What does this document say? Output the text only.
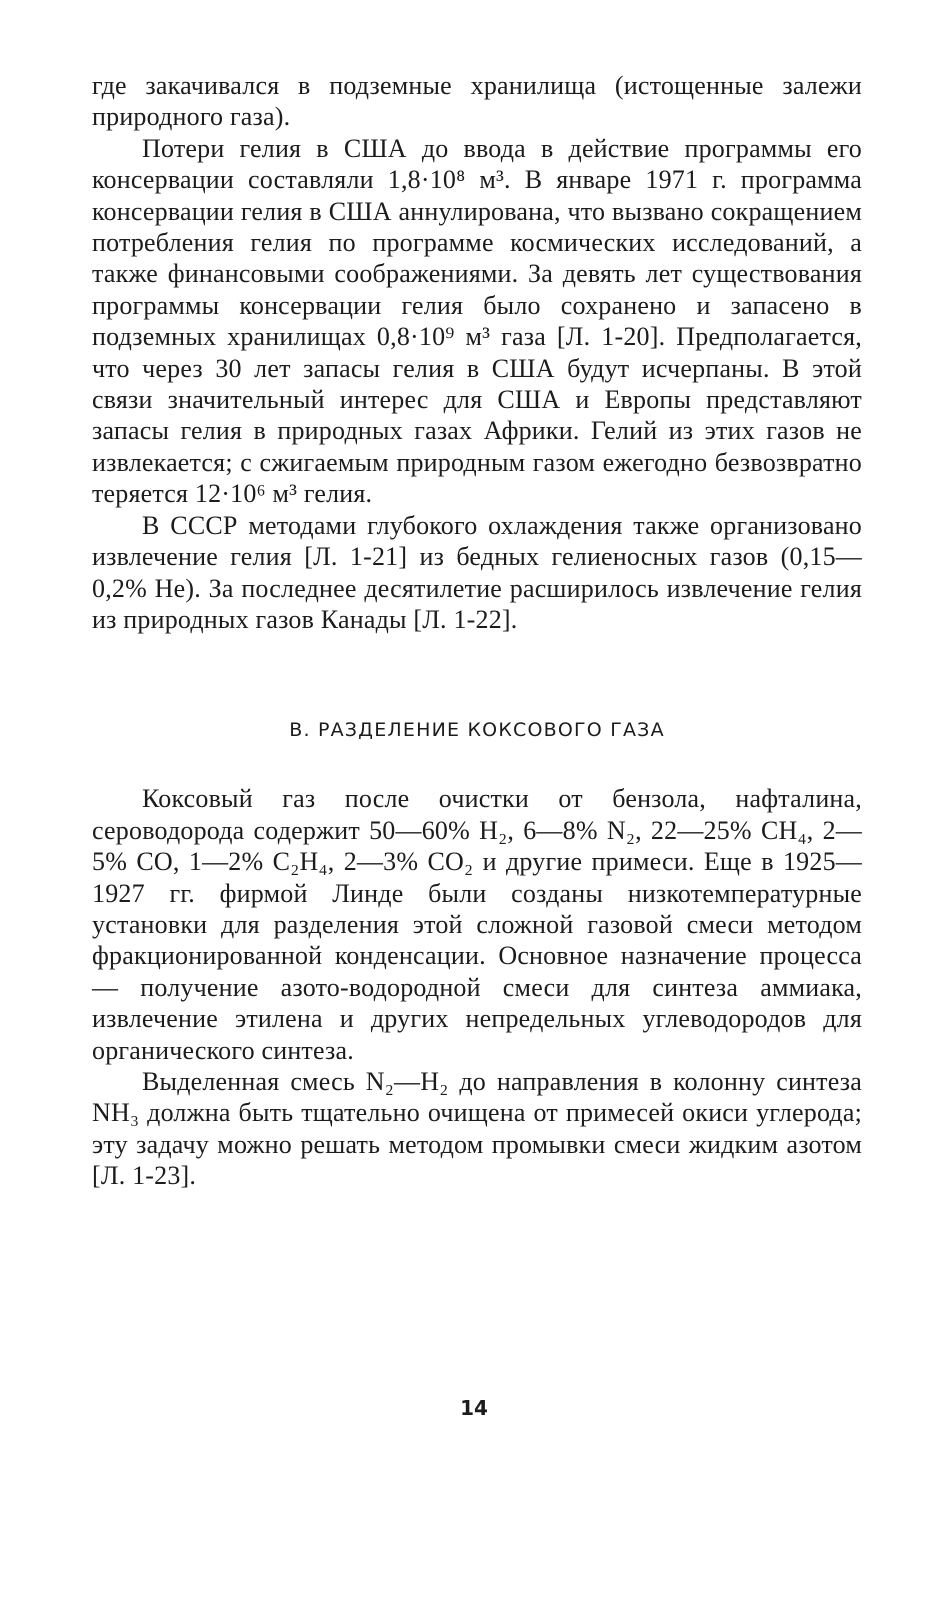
где закачивался в подземные хранилища (истощенные залежи природного газа).

Потери гелия в США до ввода в действие программы его консервации составляли 1,8·10⁸ м³. В январе 1971 г. программа консервации гелия в США аннулирована, что вызвано сокращением потребления гелия по программе космических исследований, а также финансовыми соображениями. За девять лет существования программы консервации гелия было сохранено и запасено в подземных хранилищах 0,8·10⁹ м³ газа [Л. 1-20]. Предполагается, что через 30 лет запасы гелия в США будут исчерпаны. В этой связи значительный интерес для США и Европы представляют запасы гелия в природных газах Африки. Гелий из этих газов не извлекается; с сжигаемым природным газом ежегодно безвозвратно теряется 12·10⁶ м³ гелия.

В СССР методами глубокого охлаждения также организовано извлечение гелия [Л. 1-21] из бедных гелиеносных газов (0,15—0,2% He). За последнее десятилетие расширилось извлечение гелия из природных газов Канады [Л. 1-22].

В. РАЗДЕЛЕНИЕ КОКСОВОГО ГАЗА

Коксовый газ после очистки от бензола, нафталина, сероводорода содержит 50—60% H₂, 6—8% N₂, 22—25% CH₄, 2—5% CO, 1—2% C₂H₄, 2—3% CO₂ и другие примеси. Еще в 1925—1927 гг. фирмой Линде были созданы низкотемпературные установки для разделения этой сложной газовой смеси методом фракционированной конденсации. Основное назначение процесса — получение азото-водородной смеси для синтеза аммиака, извлечение этилена и других непредельных углеводородов для органического синтеза.

Выделенная смесь N₂—H₂ до направления в колонну синтеза NH₃ должна быть тщательно очищена от примесей окиси углерода; эту задачу можно решать методом промывки смеси жидким азотом [Л. 1-23].

14
